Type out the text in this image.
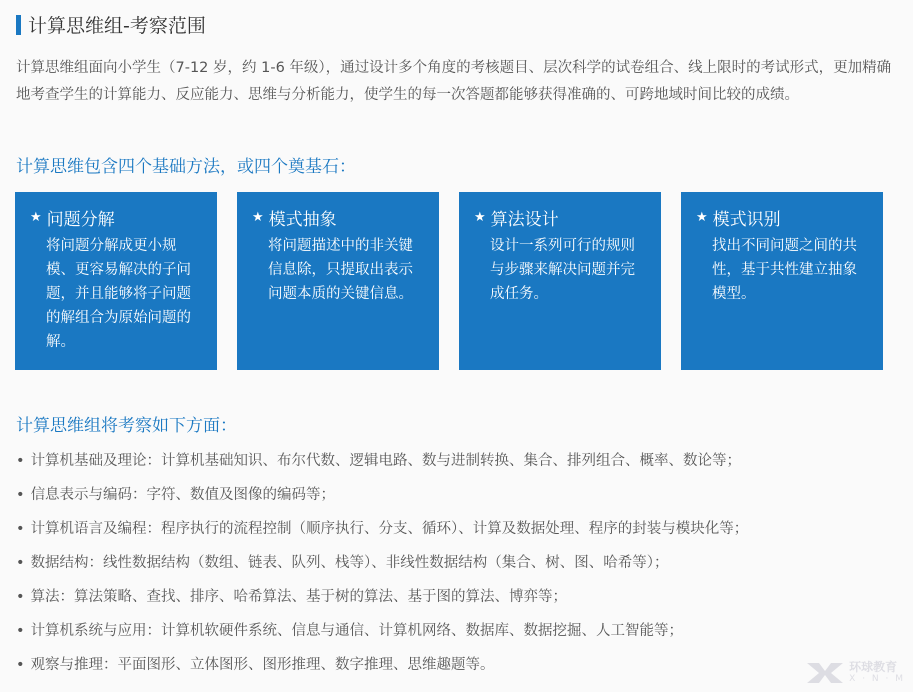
计算思维组-考察范围

计算思维组面向小学生（7-12 岁，约 1-6 年级），通过设计多个角度的考核题目、层次科学的试卷组合、线上限时的考试形式，更加精确地考查学生的计算能力、反应能力、思维与分析能力，使学生的每一次答题都能够获得准确的、可跨地域时间比较的成绩。

计算思维包含四个基础方法，或四个奠基石：
★ 问题分解
将问题分解成更小规模、更容易解决的子问题，并且能够将子问题的解组合为原始问题的解。
★ 模式抽象
将问题描述中的非关键信息除，只提取出表示问题本质的关键信息。
★ 算法设计
设计一系列可行的规则与步骤来解决问题并完成任务。
★ 模式识别
找出不同问题之间的共性，基于共性建立抽象模型。
计算思维组将考察如下方面：
• 计算机基础及理论：计算机基础知识、布尔代数、逻辑电路、数与进制转换、集合、排列组合、概率、数论等；
• 信息表示与编码：字符、数值及图像的编码等；
• 计算机语言及编程：程序执行的流程控制（顺序执行、分支、循环）、计算及数据处理、程序的封装与模块化等；
• 数据结构：线性数据结构（数组、链表、队列、栈等）、非线性数据结构（集合、树、图、哈希等）；
• 算法：算法策略、查找、排序、哈希算法、基于树的算法、基于图的算法、博弈等；
• 计算机系统与应用：计算机软硬件系统、信息与通信、计算机网络、数据库、数据挖掘、人工智能等；
• 观察与推理：平面图形、立体图形、图形推理、数字推理、思维趣题等。	环球教育
X · N · M
